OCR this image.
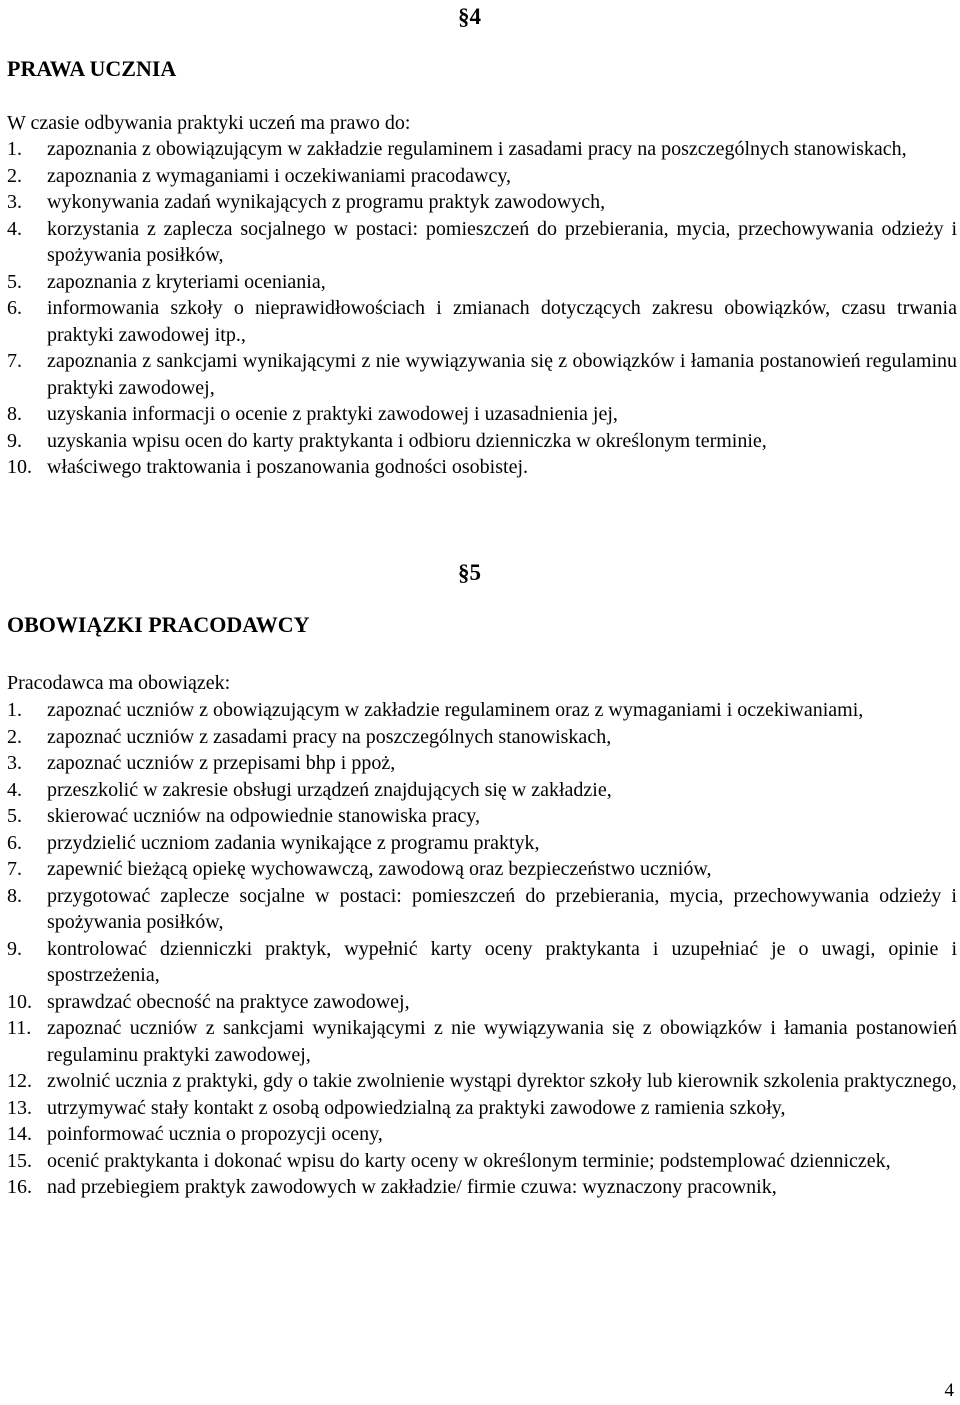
§4
PRAWA UCZNIA
W czasie odbywania praktyki uczeń ma prawo do:
1. zapoznania z obowiązującym w zakładzie regulaminem i zasadami pracy na poszczególnych stanowiskach,
2. zapoznania z wymaganiami i oczekiwaniami pracodawcy,
3. wykonywania zadań wynikających z programu praktyk zawodowych,
4. korzystania z zaplecza socjalnego w postaci: pomieszczeń do przebierania, mycia, przechowywania odzieży i spożywania posiłków,
5. zapoznania z kryteriami oceniania,
6. informowania szkoły o nieprawidłowościach i zmianach dotyczących zakresu obowiązków, czasu trwania praktyki zawodowej itp.,
7. zapoznania z sankcjami wynikającymi z nie wywiązywania się z obowiązków i łamania postanowień regulaminu praktyki zawodowej,
8. uzyskania informacji o ocenie z praktyki zawodowej i uzasadnienia jej,
9. uzyskania wpisu ocen do karty praktykanta i odbioru dzienniczka w określonym terminie,
10. właściwego traktowania i poszanowania godności osobistej.
§5
OBOWIĄZKI PRACODAWCY
Pracodawca ma obowiązek:
1. zapoznać uczniów z obowiązującym w zakładzie regulaminem oraz z wymaganiami i oczekiwaniami,
2. zapoznać uczniów z zasadami pracy na poszczególnych stanowiskach,
3. zapoznać uczniów z przepisami bhp i ppoż,
4. przeszkolić w zakresie obsługi urządzeń znajdujących się w zakładzie,
5. skierować uczniów na odpowiednie stanowiska pracy,
6. przydzielić uczniom zadania wynikające z programu praktyk,
7. zapewnić bieżącą opiekę wychowawczą, zawodową oraz bezpieczeństwo uczniów,
8. przygotować zaplecze socjalne w postaci: pomieszczeń do przebierania, mycia, przechowywania odzieży i spożywania posiłków,
9. kontrolować dzienniczki praktyk, wypełnić karty oceny praktykanta i uzupełniać je o uwagi, opinie i spostrzeżenia,
10. sprawdzać obecność na praktyce zawodowej,
11. zapoznać uczniów z sankcjami wynikającymi z nie wywiązywania się z obowiązków i łamania postanowień regulaminu praktyki zawodowej,
12. zwolnić ucznia z praktyki, gdy o takie zwolnienie wystąpi dyrektor szkoły lub kierownik szkolenia praktycznego,
13. utrzymywać stały kontakt z osobą odpowiedzialną za praktyki zawodowe z ramienia szkoły,
14. poinformować ucznia o propozycji oceny,
15. ocenić praktykanta i dokonać wpisu do karty oceny w określonym terminie; podstemplować dzienniczek,
16. nad przebiegiem praktyk zawodowych w zakładzie/ firmie czuwa: wyznaczony pracownik,
4
